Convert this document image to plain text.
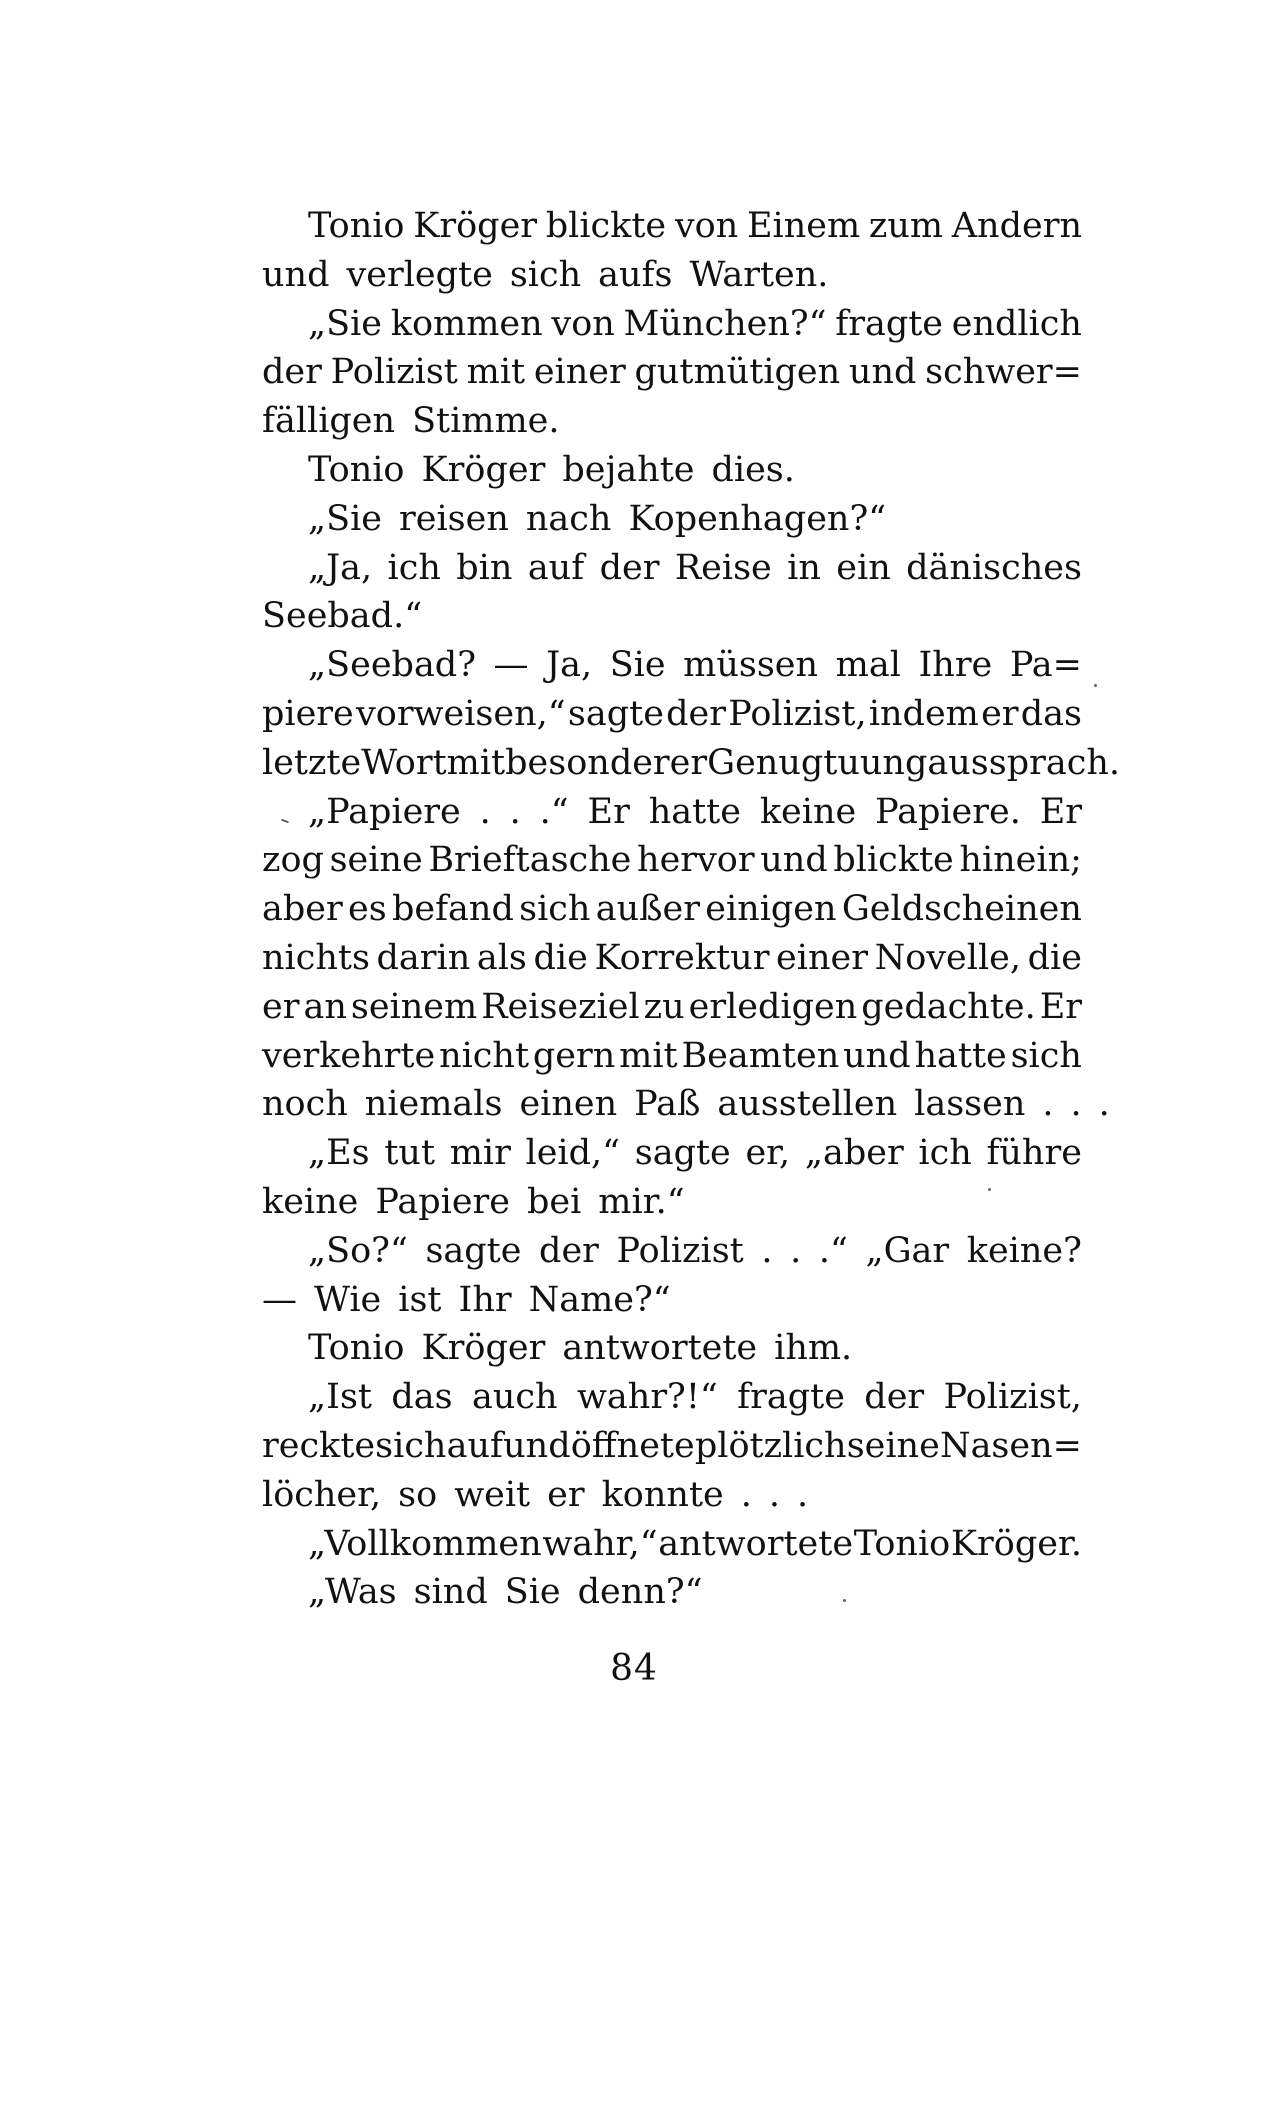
Tonio Kröger blickte von Einem zum Andern
und verlegte sich aufs Warten.
„Sie kommen von München?“ fragte endlich
der Polizist mit einer gutmütigen und schwer=
fälligen Stimme.
Tonio Kröger bejahte dies.
„Sie reisen nach Kopenhagen?“
„Ja, ich bin auf der Reise in ein dänisches
Seebad.“
„Seebad? — Ja, Sie müssen mal Ihre Pa=
piere vorweisen,“ sagte der Polizist, indem er das
letzte Wort mit besonderer Genugtuung aussprach.
„Papiere . . .“ Er hatte keine Papiere. Er
zog seine Brieftasche hervor und blickte hinein;
aber es befand sich außer einigen Geldscheinen
nichts darin als die Korrektur einer Novelle, die
er an seinem Reiseziel zu erledigen gedachte. Er
verkehrte nicht gern mit Beamten und hatte sich
noch niemals einen Paß ausstellen lassen . . .
„Es tut mir leid,“ sagte er, „aber ich führe
keine Papiere bei mir.“
„So?“ sagte der Polizist . . .“ „Gar keine?
— Wie ist Ihr Name?“
Tonio Kröger antwortete ihm.
„Ist das auch wahr?!“ fragte der Polizist,
reckte sich auf und öffnete plötzlich seine Nasen=
löcher, so weit er konnte . . .
„Vollkommen wahr,“ antwortete Tonio Kröger.
„Was sind Sie denn?“
84
